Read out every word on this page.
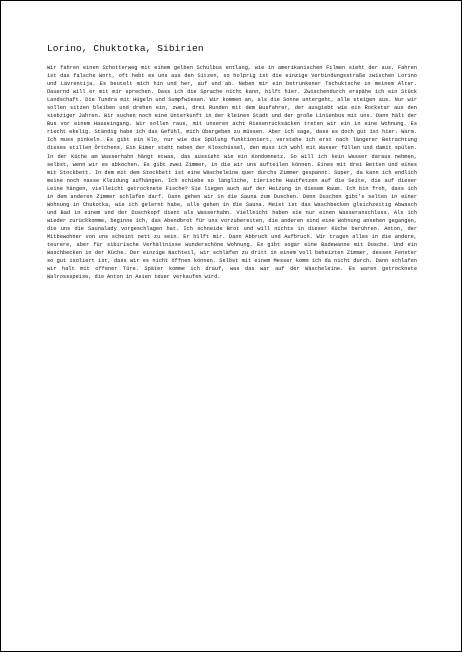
Lorino, Chuktotka, Sibirien

Wir fahren einen Schotterweg mit einem gelben Schulbus entlang, wie in amerikanischen Filmen sieht der aus. Fahren ist das falsche Wort, oft hebt es uns aus den Sitzen, so holprig ist die einzige Verbindungsstraße zwischen Lorino und Lavrentija. Es beutelt mich hin und her, auf und ab. Neben mir ein betrunkener Tschuktsche in meinem Alter. Dauernd will er mit mir sprechen. Dass ich die Sprache nicht kann, hilft hier. Zwischendurch erspähe ich ein Stück Landschaft. Die Tundra mit Hügeln und Sumpfwiesen. Wir kommen an, als die Sonne untergeht, alle steigen aus. Nur wir sollen sitzen bleiben und drehen ein, zwei, drei Runden mit dem Busfahrer, der ausgiebt wie ein Rockstar aus den siebziger Jahren. Wir suchen noch eine Unterkunft in der kleinen Stadt und der große Linienbus mit uns. Dann hält der Bus vor einem Hauseingang. Wir sollen raus, mit unseren acht Riesenrucksäcken treten wir ein in eine Wohnung. Es riecht ekelig. Ständig habe ich das Gefühl, mich übergeben zu müssen. Aber ich sage, dass es doch gut ist hier. Warm. Ich muss pinkeln. Es gibt ein Klo, nur wie die Spülung funktioniert, verstehe ich erst nach längerer Betrachtung dieses stillen Örtchens. Ein Eimer steht neben der Kloschüssel, den muss ich wohl mit Wasser füllen und damit spülen. In der Küche am Wasserhahn hängt etwas, das aussieht wie ein Kondomnetz. So will ich kein Wasser daraus nehmen, selbst, wenn wir es abkochen. Es gibt zwei Zimmer, in die wir uns aufteilen können. Eines mit drei Betten und eines mit Stockbett. In dem mit dem Stockbett ist eine Wäscheleine quer durchs Zimmer gespannt. Super, da kann ich endlich meine noch nasse Kleidung aufhängen. Ich schiebe so längliche, tierische Hautfetzen auf die Seite, die auf dieser Leine hängen, vielleicht getrocknete Fische? Sie liegen auch auf der Heizung in diesem Raum. Ich bin froh, dass ich in dem anderen Zimmer schlafen darf. Dann gehen wir in die Sauna zum Duschen. Denn Duschen gibt's selten in einer Wohnung in Chukotka, wie ich gelernt habe, alle gehen in die Sauna. Meist ist das Waschbecken gleichzeitig Abwasch und Bad in einem und der Duschkopf dient als Wasserhahn. Vielleicht haben sie nur einen Wasseranschluss. Als ich wieder zurückkomme, beginne ich, das Abendbrot für uns vorzubereiten, die anderen sind eine Wohnung ansehen gegangen, die uns die Saunalady vorgeschlagen hat. Ich schneide Brot und will nichts in dieser Küche berühren. Anton, der Mitbewohner von uns scheint nett zu sein. Er hilft mir. Dann Abbruch und Aufbruch. Wir tragen alles in die andere, teurere, aber für sibirische Verhältnisse wunderschöne Wohnung. Es gibt sogar eine Badewanne mit Dusche. Und ein Waschbecken in der Küche. Der einzige Nachteil, wir schlafen zu dritt in einem voll beheizten Zimmer, dessen Fenster so gut isoliert ist, dass wir es nicht öffnen können. Selbst mit einem Messer komm ich da nicht durch. Dann schlafen wir halt mit offener Türe. Später komme ich drauf, was das war auf der Wäscheleine. Es waren getrocknete Walrossspeise, die Anton in Asien teuer verkaufen wird.
